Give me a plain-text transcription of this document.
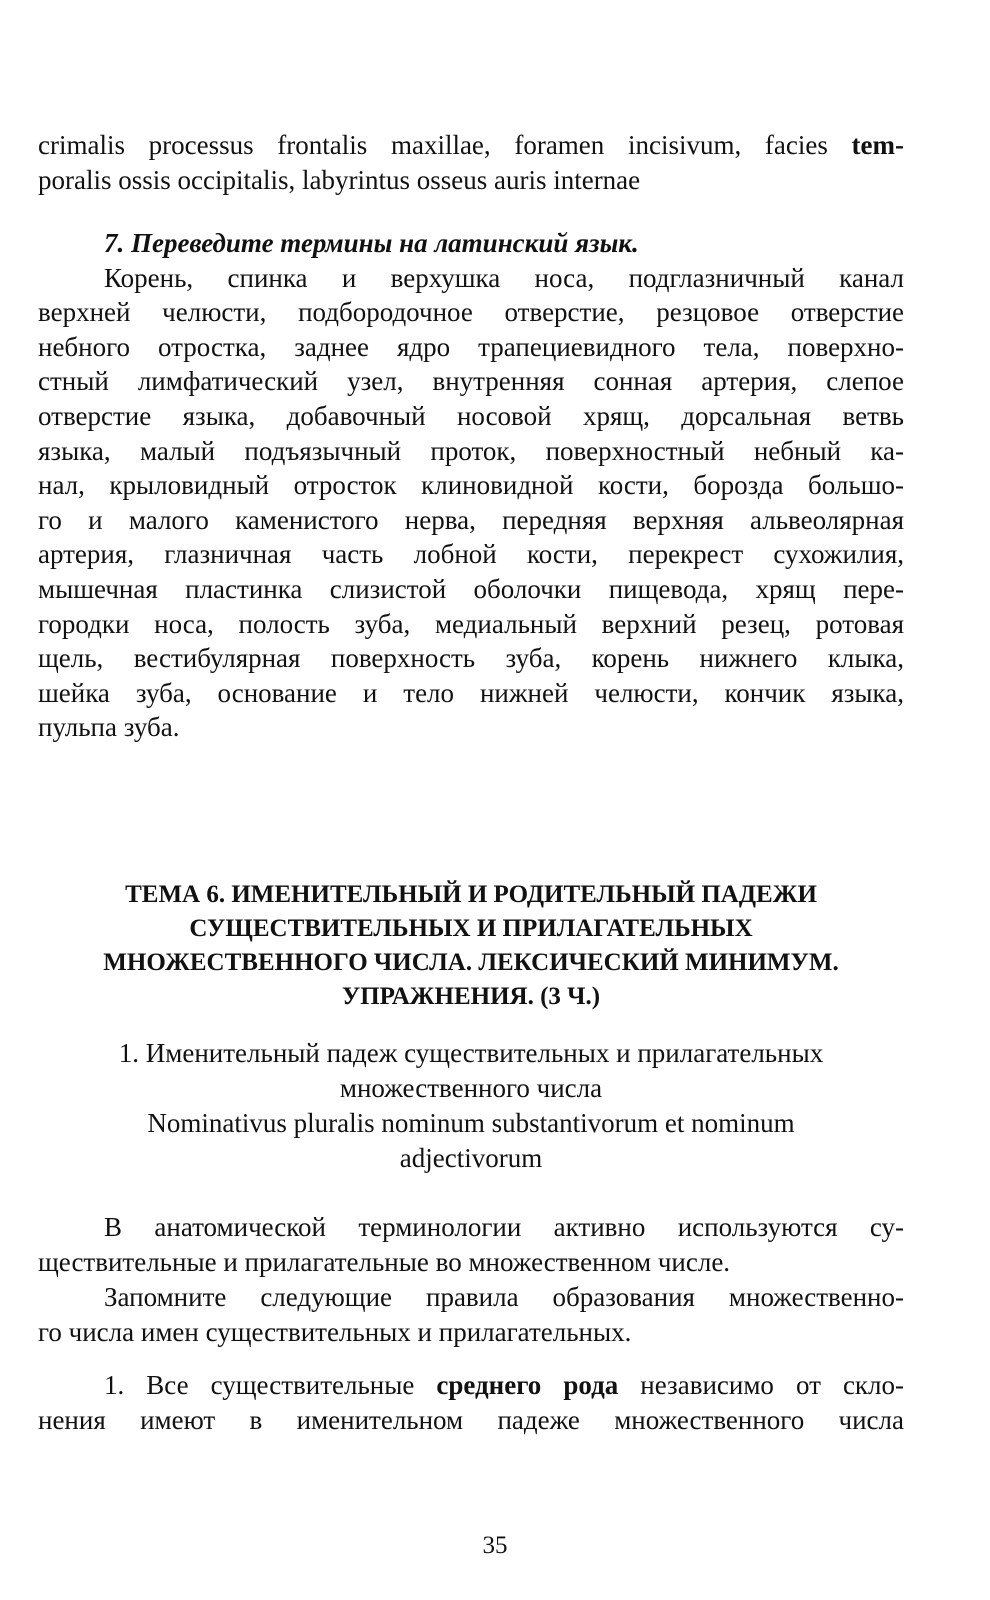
crimalis processus frontalis maxillae, foramen incisivum, facies tem-
poralis ossis occipitalis, labyrintus osseus auris internae
7. Переведите термины на латинский язык.
Корень, спинка и верхушка носа, подглазничный канал
верхней челюсти, подбородочное отверстие, резцовое отверстие
небного отростка, заднее ядро трапециевидного тела, поверхно-
стный лимфатический узел, внутренняя сонная артерия, слепое
отверстие языка, добавочный носовой хрящ, дорсальная ветвь
языка, малый подъязычный проток, поверхностный небный ка-
нал, крыловидный отросток клиновидной кости, борозда большо-
го и малого каменистого нерва, передняя верхняя альвеолярная
артерия, глазничная часть лобной кости, перекрест сухожилия,
мышечная пластинка слизистой оболочки пищевода, хрящ пере-
городки носа, полость зуба, медиальный верхний резец, ротовая
щель, вестибулярная поверхность зуба, корень нижнего клыка,
шейка зуба, основание и тело нижней челюсти, кончик языка,
пульпа зуба.
ТЕМА 6. ИМЕНИТЕЛЬНЫЙ И РОДИТЕЛЬНЫЙ ПАДЕЖИ
СУЩЕСТВИТЕЛЬНЫХ И ПРИЛАГАТЕЛЬНЫХ
МНОЖЕСТВЕННОГО ЧИСЛА. ЛЕКСИЧЕСКИЙ МИНИМУМ.
УПРАЖНЕНИЯ. (3 Ч.)
1. Именительный падеж существительных и прилагательных
множественного числа
Nominativus pluralis nominum substantivorum et nominum
adjectivorum
В анатомической терминологии активно используются су-
ществительные и прилагательные во множественном числе.
Запомните следующие правила образования множественно-
го числа имен существительных и прилагательных.
1. Все существительные среднего рода независимо от скло-
нения имеют в именительном падеже множественного числа
35
